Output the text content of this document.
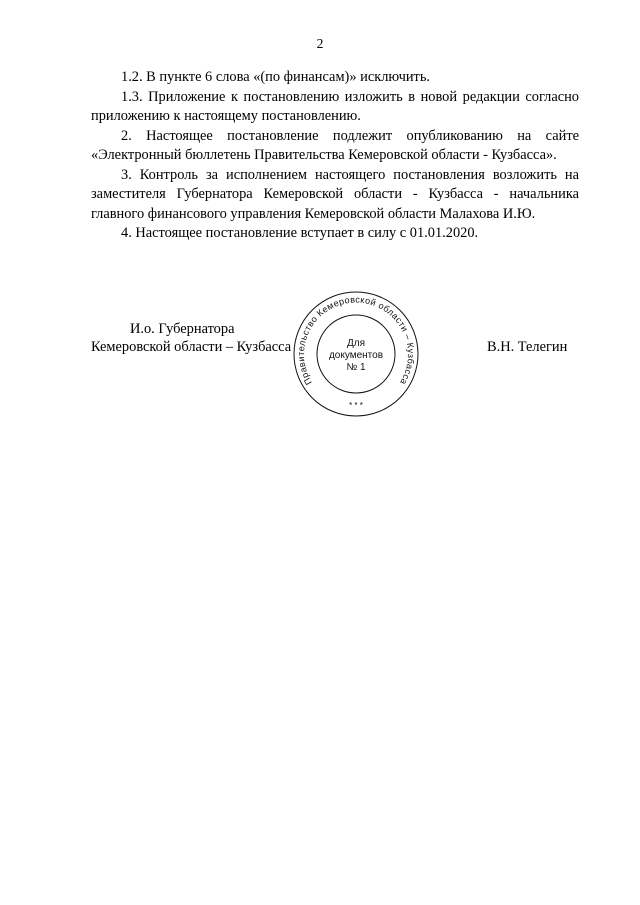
2

1.2. В пункте 6 слова «(по финансам)» исключить.

1.3. Приложение к постановлению изложить в новой редакции согласно приложению к настоящему постановлению.

2. Настоящее постановление подлежит опубликованию на сайте «Электронный бюллетень Правительства Кемеровской области - Кузбасса».

3. Контроль за исполнением настоящего постановления возложить на заместителя Губернатора Кемеровской области - Кузбасса - начальника главного финансового управления Кемеровской области Малахова И.Ю.

4. Настоящее постановление вступает в силу с 01.01.2020.

И.о. Губернатора
Кемеровской области – Кузбасса	В.Н. Телегин
Правительство Кемеровской области – Кузбасса
* * *
Для
документов
№ 1
